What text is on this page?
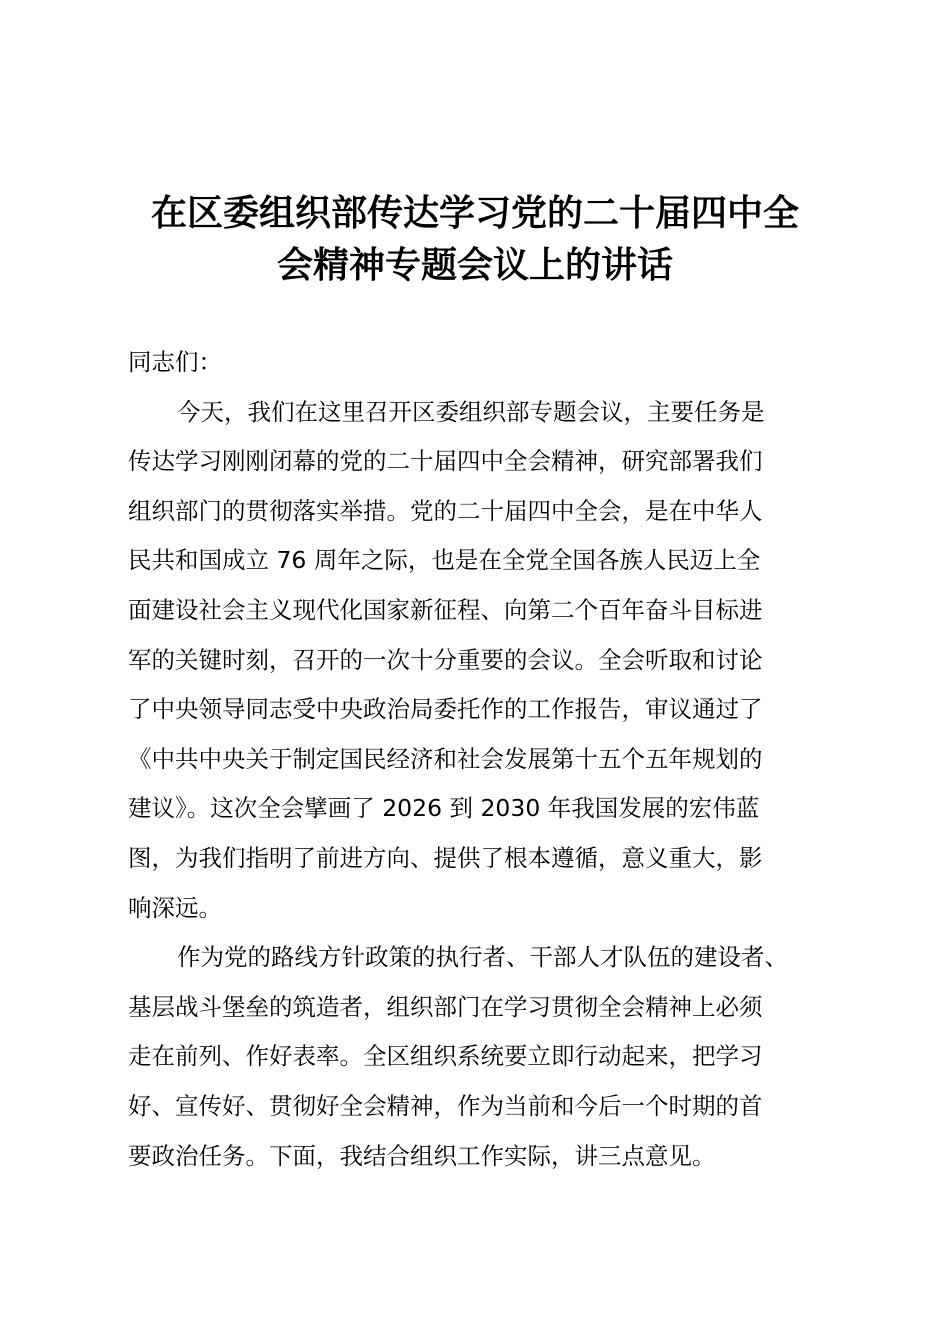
在区委组织部传达学习党的二十届四中全
会精神专题会议上的讲话

同志们：

今天，我们在这里召开区委组织部专题会议，主要任务是
传达学习刚刚闭幕的党的二十届四中全会精神，研究部署我们
组织部门的贯彻落实举措。党的二十届四中全会，是在中华人
民共和国成立 76 周年之际，也是在全党全国各族人民迈上全
面建设社会主义现代化国家新征程、向第二个百年奋斗目标进
军的关键时刻，召开的一次十分重要的会议。全会听取和讨论
了中央领导同志受中央政治局委托作的工作报告，审议通过了
《中共中央关于制定国民经济和社会发展第十五个五年规划的
建议》。这次全会擘画了 2026 到 2030 年我国发展的宏伟蓝
图，为我们指明了前进方向、提供了根本遵循，意义重大，影
响深远。

作为党的路线方针政策的执行者、干部人才队伍的建设者、
基层战斗堡垒的筑造者，组织部门在学习贯彻全会精神上必须
走在前列、作好表率。全区组织系统要立即行动起来，把学习
好、宣传好、贯彻好全会精神，作为当前和今后一个时期的首
要政治任务。下面，我结合组织工作实际，讲三点意见。
